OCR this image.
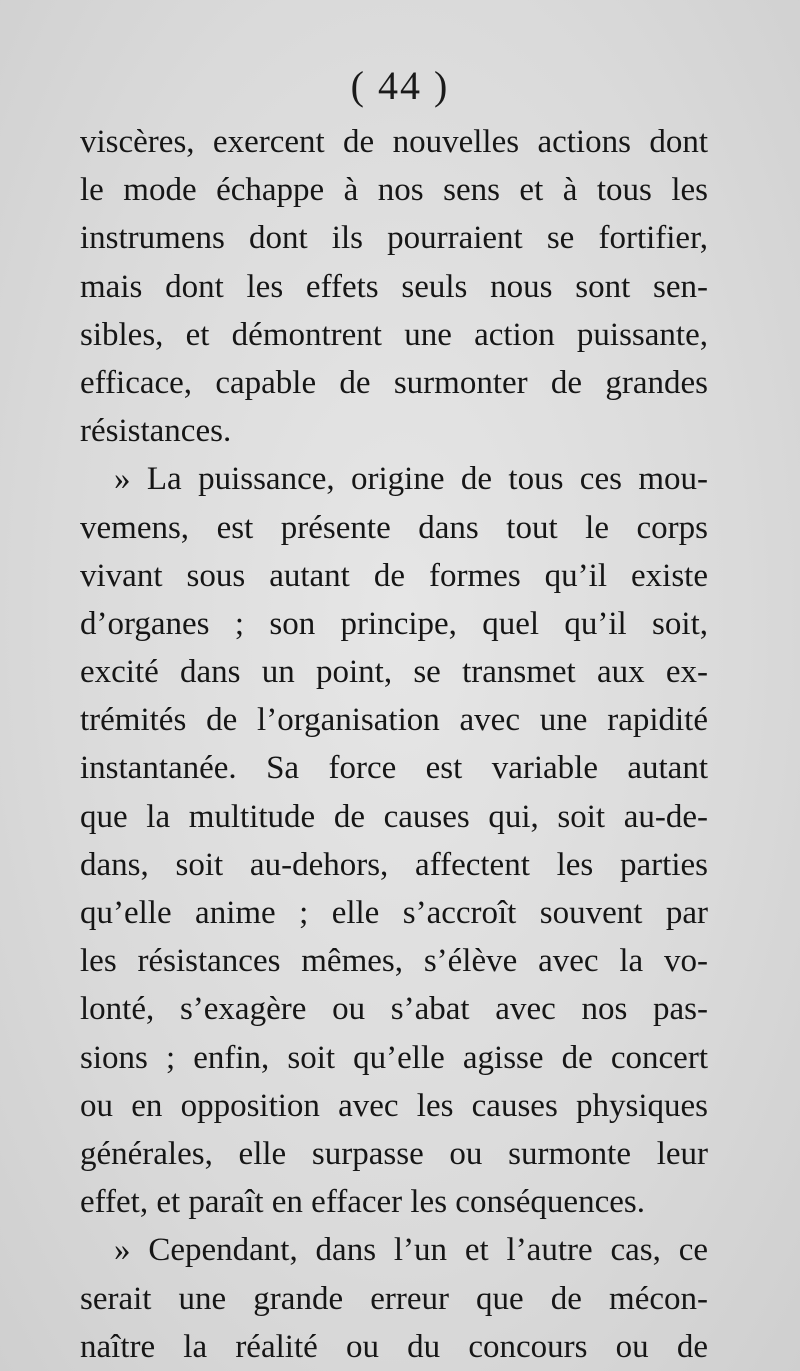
( 44 )
viscères, exercent de nouvelles actions dont
le mode échappe à nos sens et à tous les
instrumens dont ils pourraient se fortifier,
mais dont les effets seuls nous sont sen-
sibles, et démontrent une action puissante,
efficace, capable de surmonter de grandes
résistances.
» La puissance, origine de tous ces mou-
vemens, est présente dans tout le corps
vivant sous autant de formes qu’il existe
d’organes ; son principe, quel qu’il soit,
excité dans un point, se transmet aux ex-
trémités de l’organisation avec une rapidité
instantanée. Sa force est variable autant
que la multitude de causes qui, soit au-de-
dans, soit au-dehors, affectent les parties
qu’elle anime ; elle s’accroît souvent par
les résistances mêmes, s’élève avec la vo-
lonté, s’exagère ou s’abat avec nos pas-
sions ; enfin, soit qu’elle agisse de concert
ou en opposition avec les causes physiques
générales, elle surpasse ou surmonte leur
effet, et paraît en effacer les conséquences.
» Cependant, dans l’un et l’autre cas, ce
serait une grande erreur que de mécon-
naître la réalité ou du concours ou de
